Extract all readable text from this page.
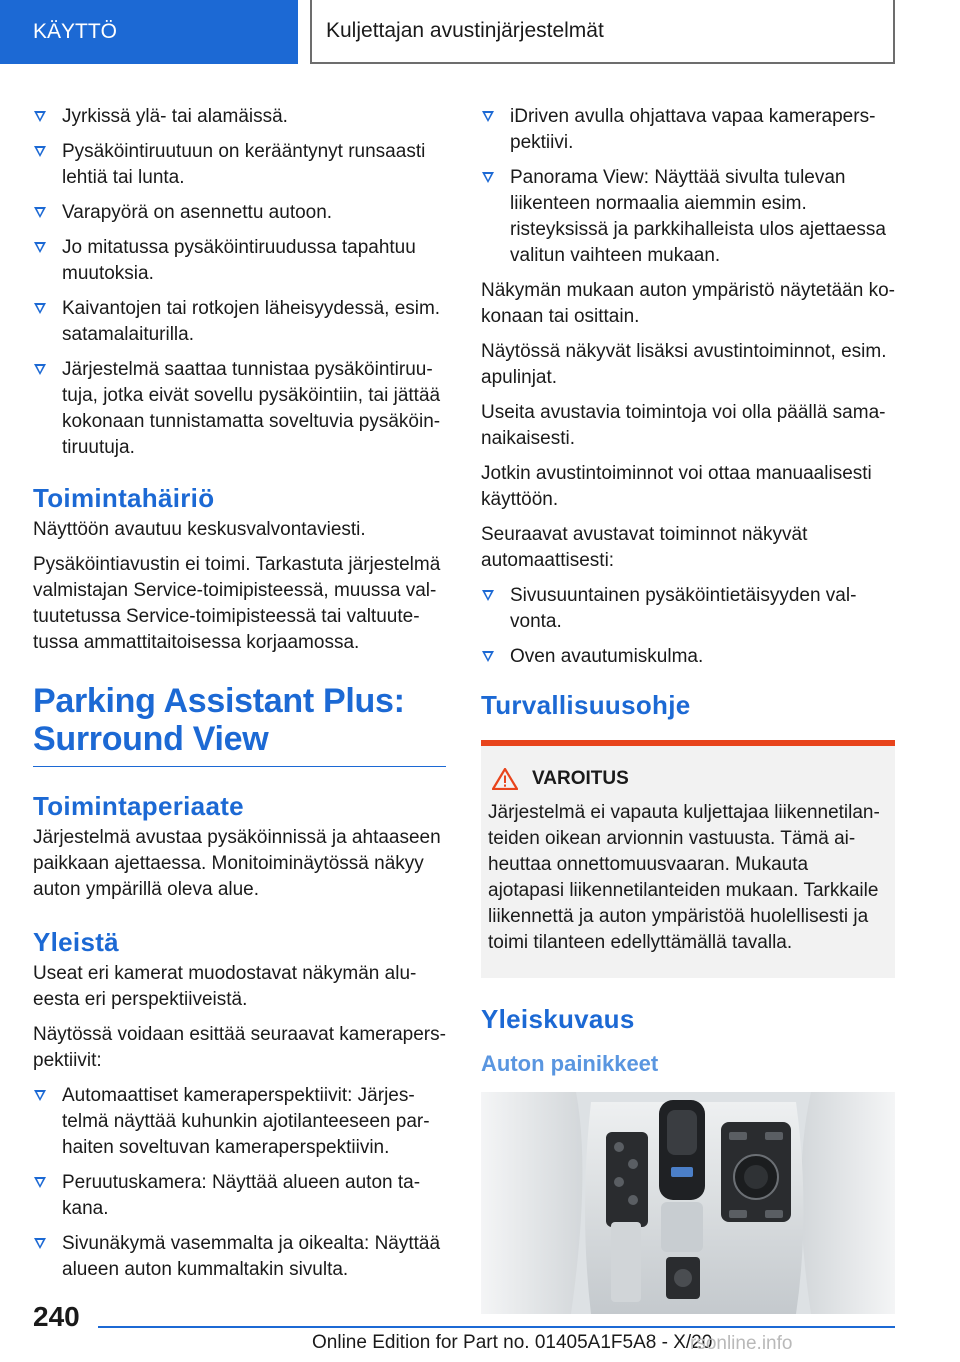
KÄYTTÖ	Kuljettajan avustinjärjestelmät
Jyrkissä ylä- tai alamäissä.
Pysäköintiruutuun on kerääntynyt runsaasti lehtiä tai lunta.
Varapyörä on asennettu autoon.
Jo mitatussa pysäköintiruudussa tapahtuu muutoksia.
Kaivantojen tai rotkojen läheisyydessä, esim. satamalaiturilla.
Järjestelmä saattaa tunnistaa pysäköintiruutuja, jotka eivät sovellu pysäköintiin, tai jättää kokonaan tunnistamatta soveltuvia pysäköintiruutuja.
Toimintahäiriö

Näyttöön avautuu keskusvalvontaviesti.

Pysäköintiavustin ei toimi. Tarkastuta järjestelmä valmistajan Service-toimipisteessä, muussa valtuutetussa Service-toimipisteessä tai valtuutetussa ammattitaitoisessa korjaamossa.

Parking Assistant Plus: Surround View
Toimintaperiaate

Järjestelmä avustaa pysäköinnissä ja ahtaaseen paikkaan ajettaessa. Monitoiminäytössä näkyy auton ympärillä oleva alue.

Yleistä

Useat eri kamerat muodostavat näkymän alueesta eri perspektiiveistä.

Näytössä voidaan esittää seuraavat kameraperspektiivit:

Automaattiset kameraperspektiivit: Järjestelmä näyttää kuhunkin ajotilanteeseen parhaiten soveltuvan kameraperspektiivin.
Peruutuskamera: Näyttää alueen auton takana.
Sivunäkymä vasemmalta ja oikealta: Näyttää alueen auton kummaltakin sivulta.
iDriven avulla ohjattava vapaa kameraperspektiivi.
Panorama View: Näyttää sivulta tulevan liikenteen normaalia aiemmin esim. risteyksissä ja parkkihalleista ulos ajettaessa valitun vaihteen mukaan.

Näkymän mukaan auton ympäristö näytetään kokonaan tai osittain.

Näytössä näkyvät lisäksi avustintoiminnot, esim. apulinjat.

Useita avustavia toimintoja voi olla päällä samanaikaisesti.

Jotkin avustintoiminnot voi ottaa manuaalisesti käyttöön.

Seuraavat avustavat toiminnot näkyvät automaattisesti:

Sivusuuntainen pysäköintietäisyyden valvonta.
Oven avautumiskulma.
Turvallisuusohje
VAROITUS
Järjestelmä ei vapauta kuljettajaa liikennetilanteiden oikean arvionnin vastuusta. Tämä aiheuttaa onnettomuusvaaran. Mukauta ajotapasi liikennetilanteiden mukaan. Tarkkaile liikennettä ja auton ympäristöä huolellisesti ja toimi tilanteen edellyttämällä tavalla.
Yleiskuvaus
Auton painikkeet
240
Online Edition for Part no. 01405A1F5A8 - X/20
rsonline.info
